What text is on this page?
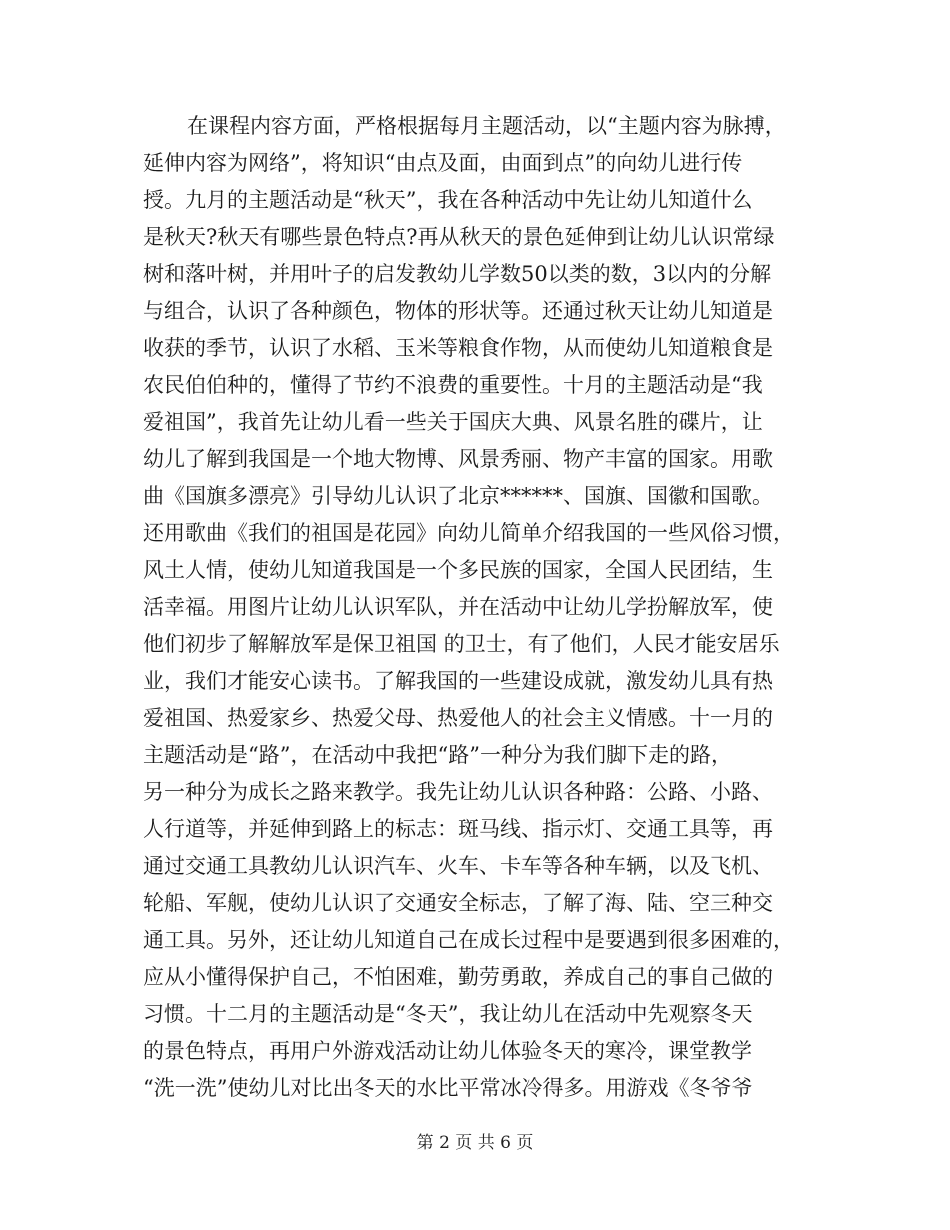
在课程内容方面，严格根据每月主题活动，以“主题内容为脉搏，
延伸内容为网络”，将知识“由点及面，由面到点”的向幼儿进行传
授。九月的主题活动是“秋天”，我在各种活动中先让幼儿知道什么
是秋天?秋天有哪些景色特点?再从秋天的景色延伸到让幼儿认识常绿
树和落叶树，并用叶子的启发教幼儿学数50以类的数，3以内的分解
与组合，认识了各种颜色，物体的形状等。还通过秋天让幼儿知道是
收获的季节，认识了水稻、玉米等粮食作物，从而使幼儿知道粮食是
农民伯伯种的，懂得了节约不浪费的重要性。十月的主题活动是“我
爱祖国”，我首先让幼儿看一些关于国庆大典、风景名胜的碟片，让
幼儿了解到我国是一个地大物博、风景秀丽、物产丰富的国家。用歌
曲《国旗多漂亮》引导幼儿认识了北京******、国旗、国徽和国歌。
还用歌曲《我们的祖国是花园》向幼儿简单介绍我国的一些风俗习惯，
风土人情，使幼儿知道我国是一个多民族的国家，全国人民团结，生
活幸福。用图片让幼儿认识军队，并在活动中让幼儿学扮解放军，使
他们初步了解解放军是保卫祖国 的卫士，有了他们，人民才能安居乐
业，我们才能安心读书。了解我国的一些建设成就，激发幼儿具有热
爱祖国、热爱家乡、热爱父母、热爱他人的社会主义情感。十一月的
主题活动是“路”，在活动中我把“路”一种分为我们脚下走的路，
另一种分为成长之路来教学。我先让幼儿认识各种路：公路、小路、
人行道等，并延伸到路上的标志：斑马线、指示灯、交通工具等，再
通过交通工具教幼儿认识汽车、火车、卡车等各种车辆，以及飞机、
轮船、军舰，使幼儿认识了交通安全标志，了解了海、陆、空三种交
通工具。另外，还让幼儿知道自己在成长过程中是要遇到很多困难的，
应从小懂得保护自己，不怕困难，勤劳勇敢，养成自己的事自己做的
习惯。十二月的主题活动是“冬天”，我让幼儿在活动中先观察冬天
的景色特点，再用户外游戏活动让幼儿体验冬天的寒冷，课堂教学
“洗一洗”使幼儿对比出冬天的水比平常冰冷得多。用游戏《冬爷爷
第 2 页 共 6 页
